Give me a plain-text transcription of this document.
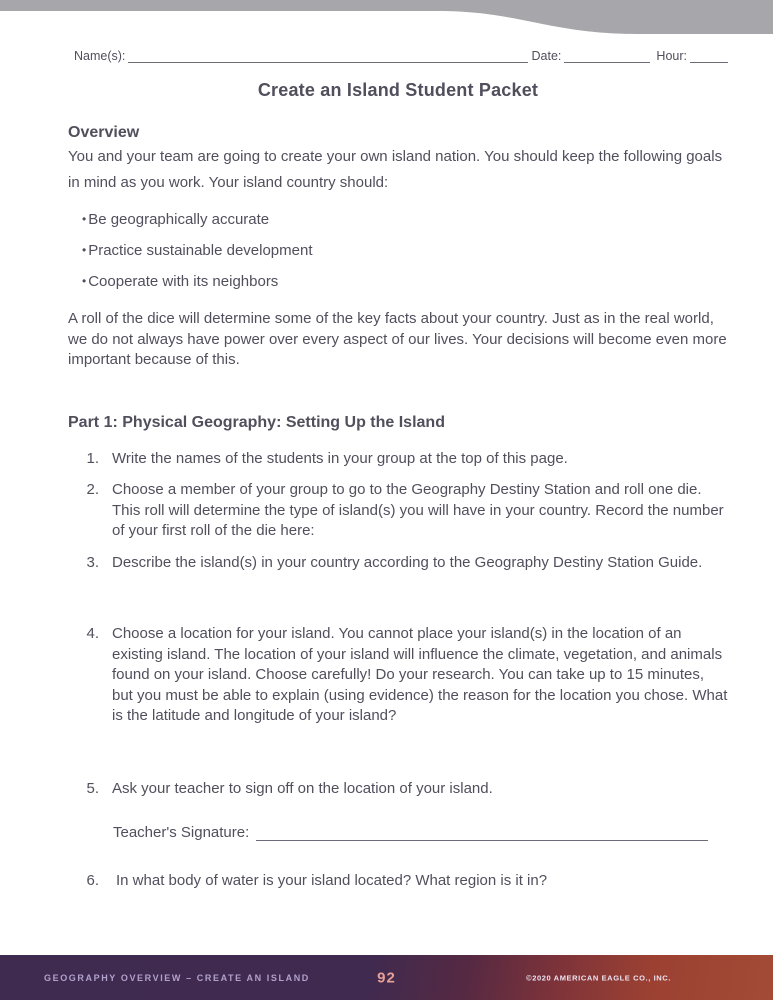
Name(s):	Date:	Hour:
Create an Island Student Packet
Overview

You and your team are going to create your own island nation. You should keep the following goals in mind as you work. Your island country should:

• Be geographically accurate
• Practice sustainable development
• Cooperate with its neighbors

A roll of the dice will determine some of the key facts about your country. Just as in the real world, we do not always have power over every aspect of our lives. Your decisions will become even more important because of this.

Part 1: Physical Geography: Setting Up the Island
1. Write the names of the students in your group at the top of this page.
2. Choose a member of your group to go to the Geography Destiny Station and roll one die. This roll will determine the type of island(s) you will have in your country. Record the number of your first roll of the die here:
3. Describe the island(s) in your country according to the Geography Destiny Station Guide.
4. Choose a location for your island. You cannot place your island(s) in the location of an existing island. The location of your island will influence the climate, vegetation, and animals found on your island. Choose carefully! Do your research. You can take up to 15 minutes, but you must be able to explain (using evidence) the reason for the location you chose. What is the latitude and longitude of your island?
5. Ask your teacher to sign off on the location of your island.
Teacher's Signature:
6. In what body of water is your island located? What region is it in?
GEOGRAPHY OVERVIEW – CREATE AN ISLAND	92	©2020 AMERICAN EAGLE CO., INC.
